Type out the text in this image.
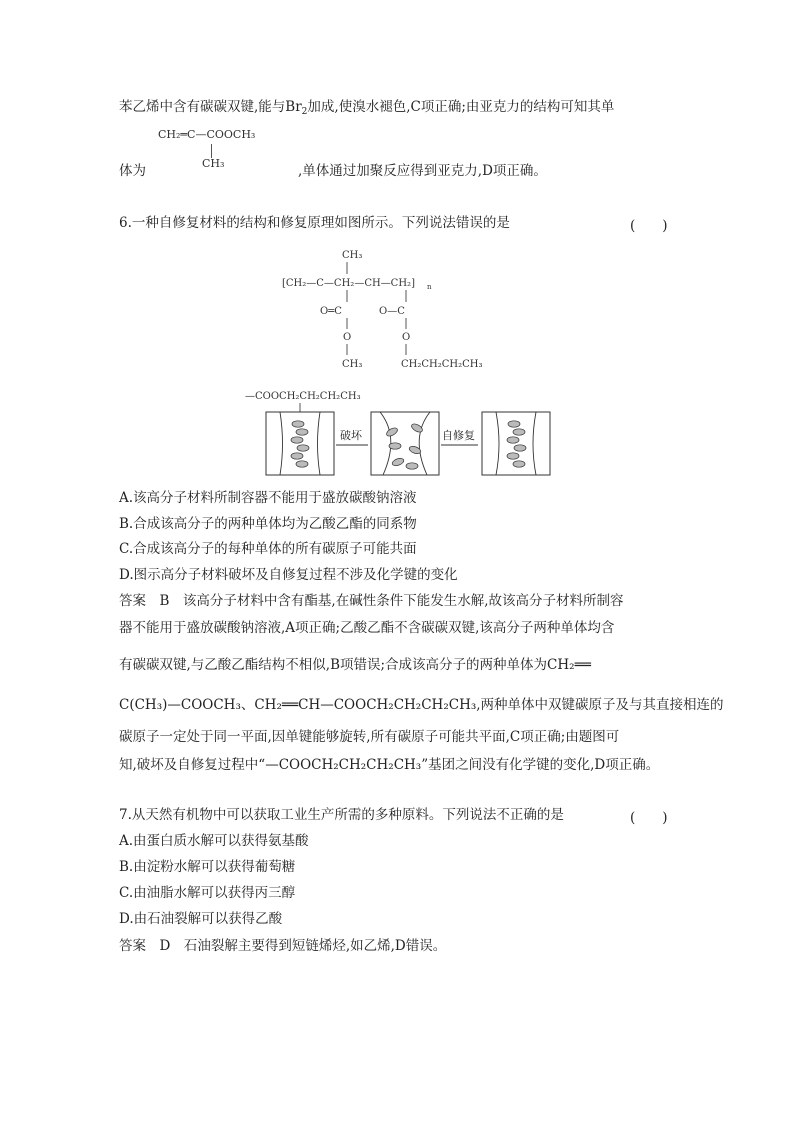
苯乙烯中含有碳碳双键,能与$Br_2$加成,使溴水褪色,C项正确;由亚克力的结构可知其单
CH₂═C—COOCH₃
CH₃
体为	,单体通过加聚反应得到亚克力,D项正确。
6.一种自修复材料的结构和修复原理如图所示。下列说法错误的是	(　　)
CH₃
[CH₂—C—CH₂—CH—CH₂] n
O═C	O—C
O	O
CH₃	CH₂CH₂CH₂CH₃
—COOCH₂CH₂CH₂CH₃
破坏	自修复
A.该高分子材料所制容器不能用于盛放碳酸钠溶液
B.合成该高分子的两种单体均为乙酸乙酯的同系物
C.合成该高分子的每种单体的所有碳原子可能共面
D.图示高分子材料破坏及自修复过程不涉及化学键的变化
答案　B　该高分子材料中含有酯基,在碱性条件下能发生水解,故该高分子材料所制容
器不能用于盛放碳酸钠溶液,A项正确;乙酸乙酯不含碳碳双键,该高分子两种单体均含
有碳碳双键,与乙酸乙酯结构不相似,B项错误;合成该高分子的两种单体为CH₂══
C(CH₃)—COOCH₃、CH₂══CH—COOCH₂CH₂CH₂CH₃,两种单体中双键碳原子及与其直接相连的
碳原子一定处于同一平面,因单键能够旋转,所有碳原子可能共平面,C项正确;由题图可
知,破坏及自修复过程中“—COOCH₂CH₂CH₂CH₃”基团之间没有化学键的变化,D项正确。
7.从天然有机物中可以获取工业生产所需的多种原料。下列说法不正确的是	(　　)
A.由蛋白质水解可以获得氨基酸
B.由淀粉水解可以获得葡萄糖
C.由油脂水解可以获得丙三醇
D.由石油裂解可以获得乙酸
答案　D　石油裂解主要得到短链烯烃,如乙烯,D错误。
